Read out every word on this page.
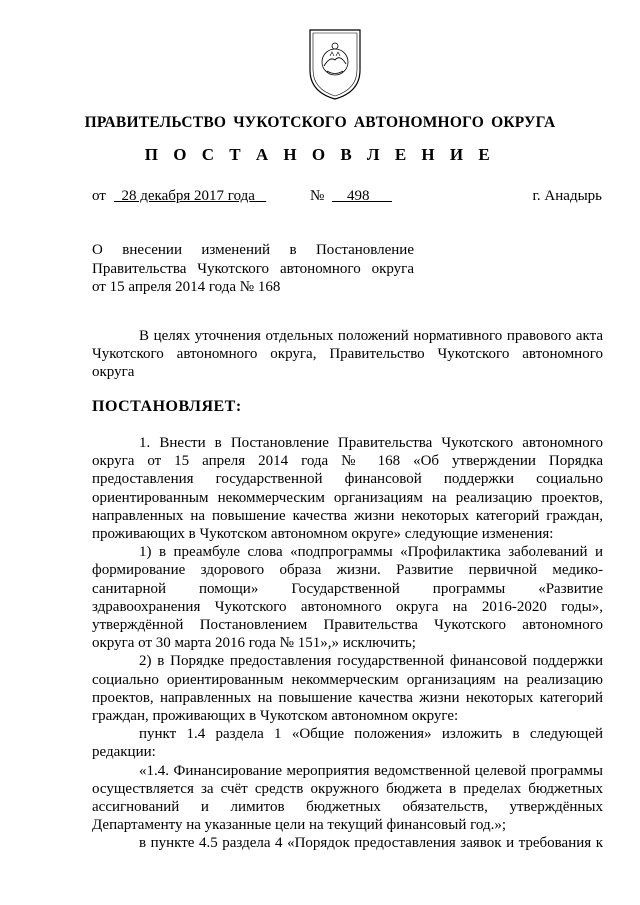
ПРАВИТЕЛЬСТВО ЧУКОТСКОГО АВТОНОМНОГО ОКРУГА
П О С Т А Н О В Л Е Н И Е
от	28 декабря 2017 года	№	498	г. Анадырь
О внесении изменений в Постановление
Правительства Чукотского автономного округа
от 15 апреля 2014 года № 168

В целях уточнения отдельных положений нормативного правового акта

Чукотского автономного округа, Правительство Чукотского автономного

округа

ПОСТАНОВЛЯЕТ:

1. Внести в Постановление Правительства Чукотского автономного

округа от 15 апреля 2014 года № 168 «Об утверждении Порядка

предоставления государственной финансовой поддержки социально

ориентированным некоммерческим организациям на реализацию проектов,

направленных на повышение качества жизни некоторых категорий граждан,

проживающих в Чукотском автономном округе» следующие изменения:

1) в преамбуле слова «подпрограммы «Профилактика заболеваний и

формирование здорового образа жизни. Развитие первичной медико-

санитарной помощи» Государственной программы «Развитие

здравоохранения Чукотского автономного округа на 2016-2020 годы»,

утверждённой Постановлением Правительства Чукотского автономного

округа от 30 марта 2016 года № 151»,» исключить;

2) в Порядке предоставления государственной финансовой поддержки

социально ориентированным некоммерческим организациям на реализацию

проектов, направленных на повышение качества жизни некоторых категорий

граждан, проживающих в Чукотском автономном округе:

пункт 1.4 раздела 1 «Общие положения» изложить в следующей

редакции:

«1.4. Финансирование мероприятия ведомственной целевой программы

осуществляется за счёт средств окружного бюджета в пределах бюджетных

ассигнований и лимитов бюджетных обязательств, утверждённых

Департаменту на указанные цели на текущий финансовый год.»;

в пункте 4.5 раздела 4 «Порядок предоставления заявок и требования к
